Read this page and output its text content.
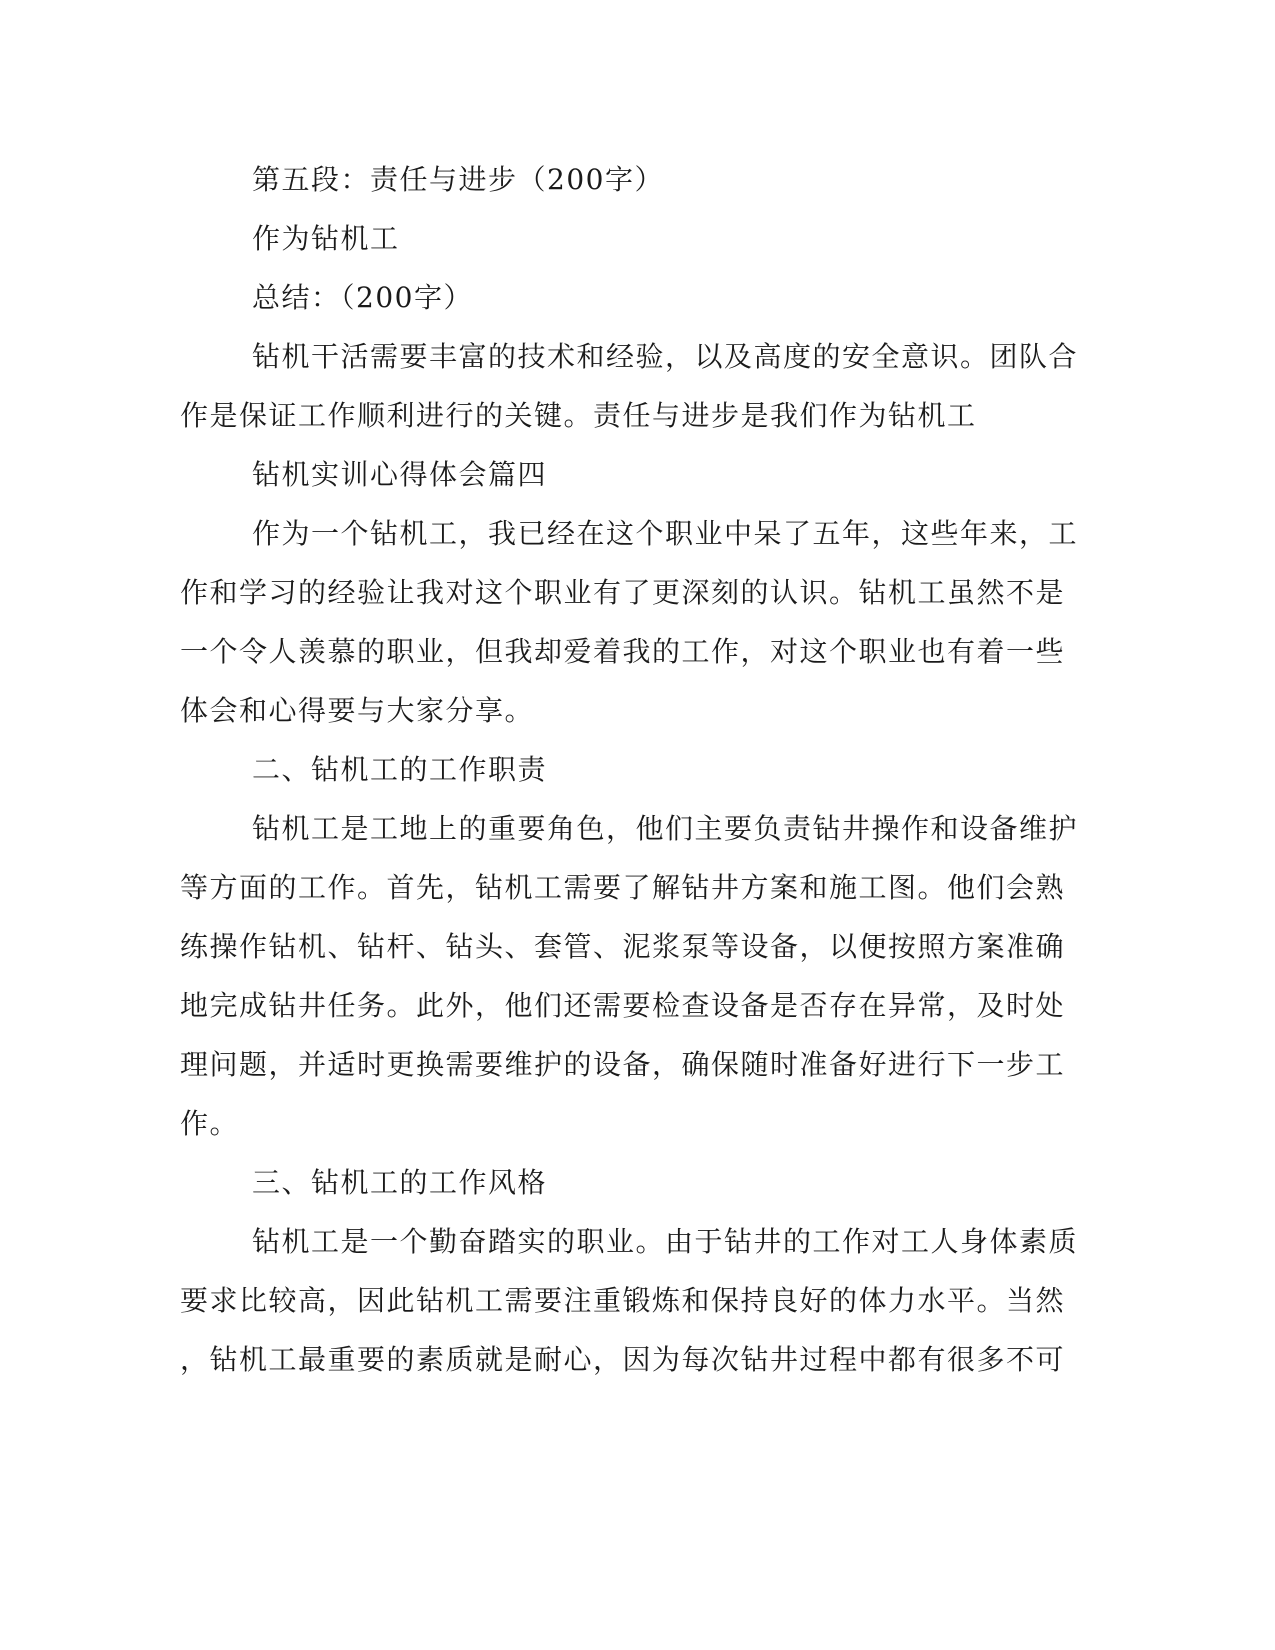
第五段：责任与进步（200字）
作为钻机工
总结：（200字）
钻机干活需要丰富的技术和经验，以及高度的安全意识。团队合
作是保证工作顺利进行的关键。责任与进步是我们作为钻机工
钻机实训心得体会篇四
作为一个钻机工，我已经在这个职业中呆了五年，这些年来，工
作和学习的经验让我对这个职业有了更深刻的认识。钻机工虽然不是
一个令人羡慕的职业，但我却爱着我的工作，对这个职业也有着一些
体会和心得要与大家分享。
二、钻机工的工作职责
钻机工是工地上的重要角色，他们主要负责钻井操作和设备维护
等方面的工作。首先，钻机工需要了解钻井方案和施工图。他们会熟
练操作钻机、钻杆、钻头、套管、泥浆泵等设备，以便按照方案准确
地完成钻井任务。此外，他们还需要检查设备是否存在异常，及时处
理问题，并适时更换需要维护的设备，确保随时准备好进行下一步工
作。
三、钻机工的工作风格
钻机工是一个勤奋踏实的职业。由于钻井的工作对工人身体素质
要求比较高，因此钻机工需要注重锻炼和保持良好的体力水平。当然
，钻机工最重要的素质就是耐心，因为每次钻井过程中都有很多不可
